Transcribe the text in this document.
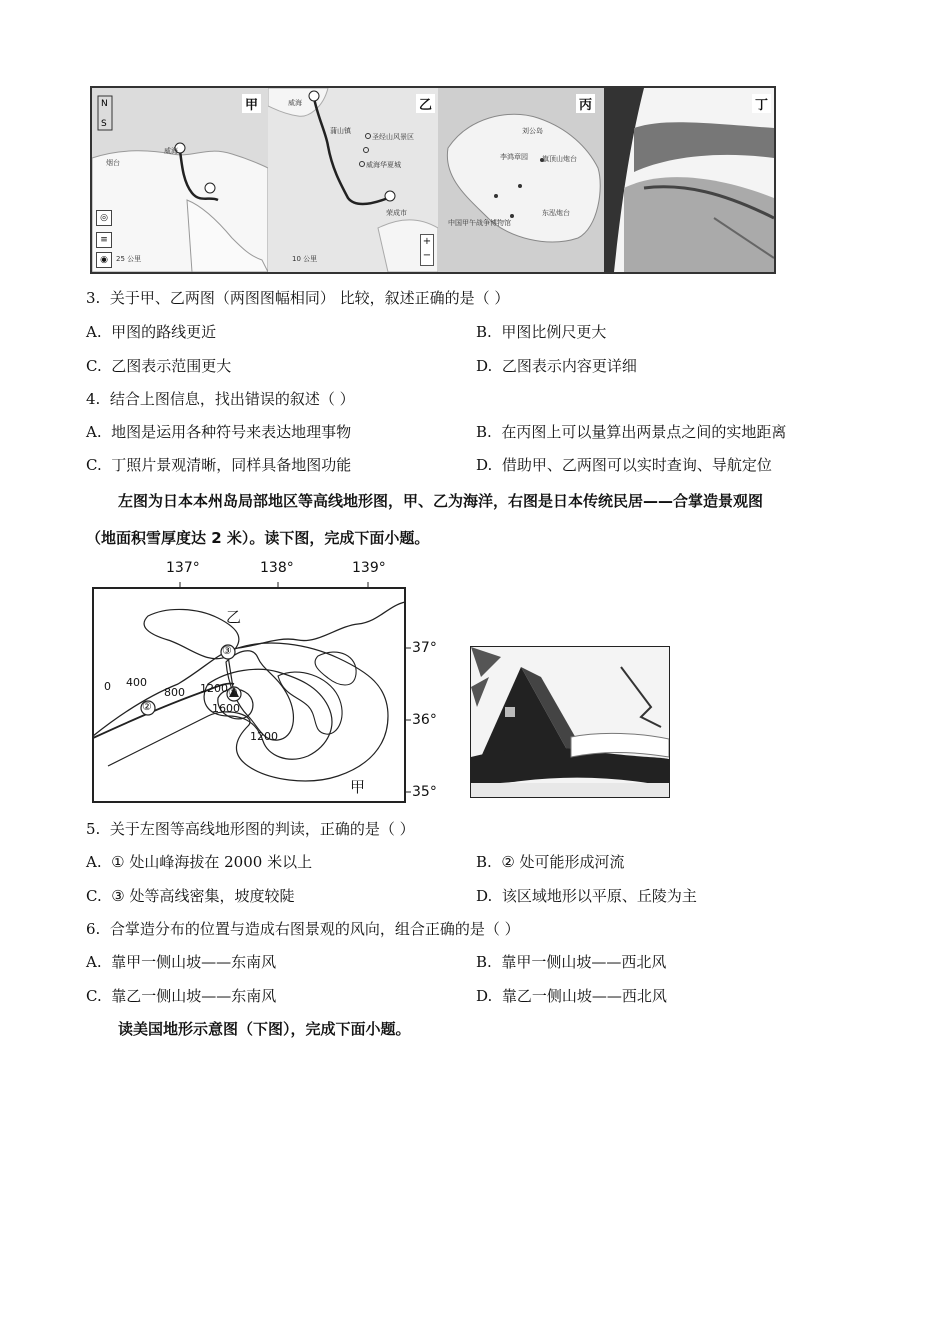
N
S
甲
烟台
威海
◎
≡
◉	25 公里
乙
威海
蒲山镇
圣经山风景区
威海华夏城
荣成市
+
−
10 公里
丙
刘公岛
李鸿章园 旗顶山炮台
中国甲午战争博物馆
东泓炮台
丁
3. 关于甲、乙两图（两图图幅相同） 比较，叙述正确的是（ ）
A. 甲图的路线更近	B. 甲图比例尺更大
C. 乙图表示范围更大	D. 乙图表示内容更详细
4. 结合上图信息，找出错误的叙述（ ）
A. 地图是运用各种符号来表达地理事物	B. 在丙图上可以量算出两景点之间的实地距离
C. 丁照片景观清晰，同样具备地图功能	D. 借助甲、乙两图可以实时查询、导航定位
左图为日本本州岛局部地区等高线地形图，甲、乙为海洋，右图是日本传统民居——合掌造景观图
（地面积雪厚度达 2 米）。读下图，完成下面小题。
137°	138°	139°
37°
36°
35°
0 400
800 1200
1600
1200
①
②
③
乙
甲
5. 关于左图等高线地形图的判读，正确的是（ ）
A. ① 处山峰海拔在 2000 米以上	B. ② 处可能形成河流
C. ③ 处等高线密集，坡度较陡	D. 该区域地形以平原、丘陵为主
6. 合掌造分布的位置与造成右图景观的风向，组合正确的是（ ）
A. 靠甲一侧山坡——东南风	B. 靠甲一侧山坡——西北风
C. 靠乙一侧山坡——东南风	D. 靠乙一侧山坡——西北风
读美国地形示意图（下图），完成下面小题。
